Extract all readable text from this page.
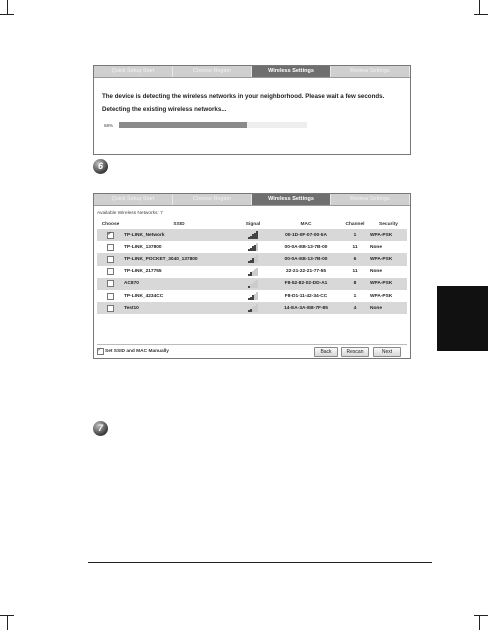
Quick Setup Start	Choose Region	Wireless Settings	Review Settings
The device is detecting the wireless networks in your neighborhood. Please wait a few seconds.
Detecting the existing wireless networks...
68%
6
Quick Setup Start	Choose Region	Wireless Settings	Review Settings
Available Wireless Networks: 7
Choose	SSID	Signal	MAC	Channel	Security
✓	TP-LINK_Network		00-1D-0F-07-00-5A	1	WPA-PSK
	TP-LINK_137800		00-0A-EB-13-7B-00	11	None
	TP-LINK_POCKET_3040_137800		00-0A-EB-13-7B-00	6	WPA-PSK
	TP-LINK_217755		22-21-22-21-77-55	11	None
	AC870		F8-52-82-02-DD-A1	8	WPA-PSK
	TP-LINK_4234CC		F8-D1-11-42-34-CC	1	WPA-PSK
	Test10		14-EA-3A-EB-7F-85	4	None
✓
Set SSID and MAC Manually	Back	Rescan	Next
7
